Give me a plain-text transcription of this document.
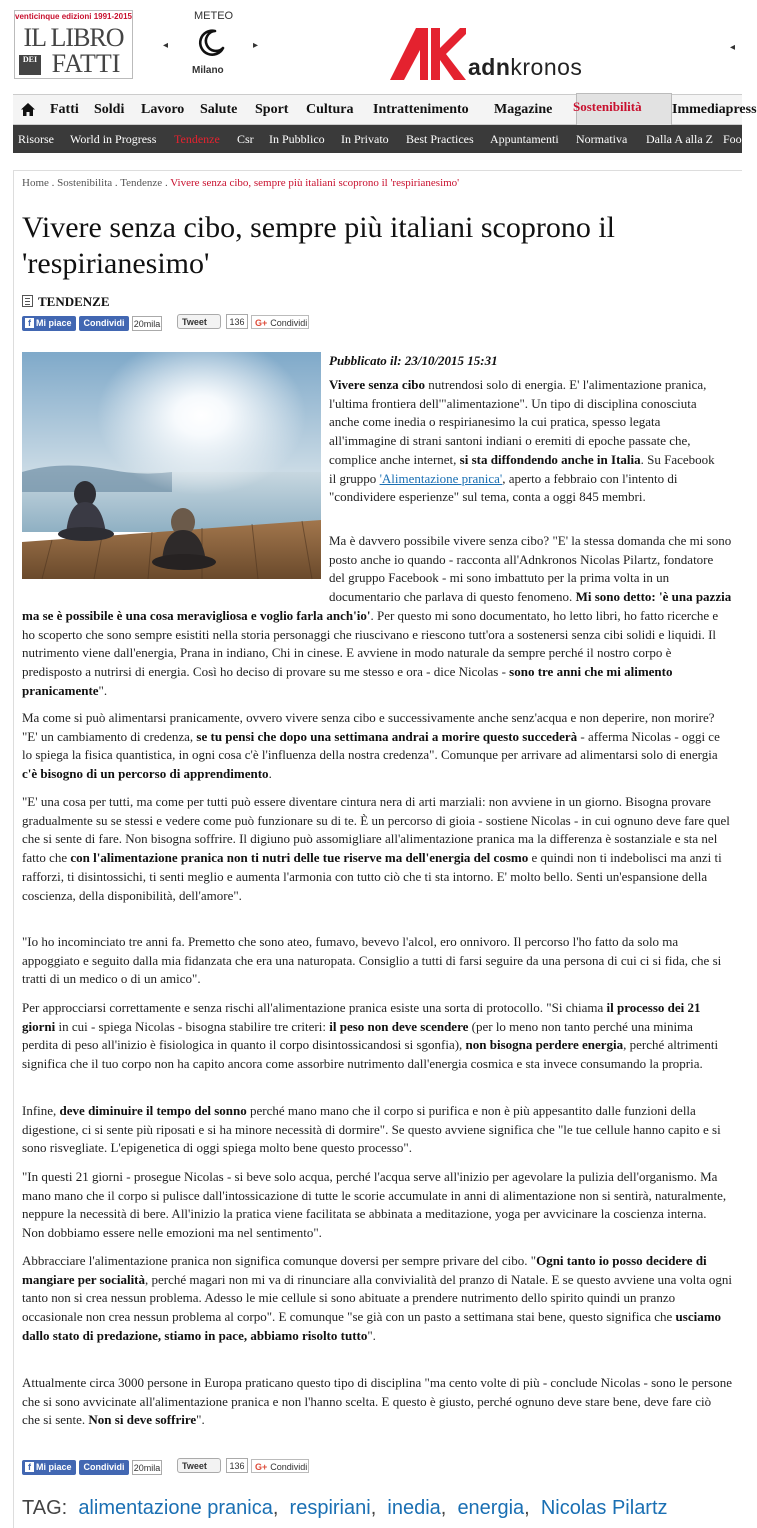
venticinque edizioni 1991-2015
IL LIBRO
DEI FATTI
METEO
◂	▸
Milano	adnkronos
◂
Fatti Soldi Lavoro Salute Sport Cultura Intrattenimento Magazine Sostenibilità Immediapress
Risorse World in Progress Tendenze Csr In Pubblico In Privato Best Practices Appuntamenti Normativa Dalla A alla Z Food
Home . Sostenibilita . Tendenze . Vivere senza cibo, sempre più italiani scoprono il 'respirianesimo'
Vivere senza cibo, sempre più italiani scoprono il 'respirianesimo'
TENDENZE
f Mi piace	Condividi	20mila	Tweet	136	G+ Condividi
Pubblicato il: 23/10/2015 15:31
Vivere senza cibo nutrendosi solo di energia. E' l'alimentazione pranica, l'ultima frontiera dell'"alimentazione". Un tipo di disciplina conosciuta anche come inedia o respirianesimo la cui pratica, spesso legata all'immagine di strani santoni indiani o eremiti di epoche passate che, complice anche internet, si sta diffondendo anche in Italia. Su Facebook il gruppo 'Alimentazione pranica', aperto a febbraio con l'intento di "condividere esperienze" sul tema, conta a oggi 845 membri.
Ma è davvero possibile vivere senza cibo? "E' la stessa domanda che mi sono posto anche io quando - racconta all'Adnkronos Nicolas Pilartz, fondatore del gruppo Facebook - mi sono imbattuto per la prima volta in un documentario che parlava di questo fenomeno. Mi sono detto: 'è una pazzia ma se è possibile è una cosa meravigliosa e voglio farla anch'io'. Per questo mi sono documentato, ho letto libri, ho fatto ricerche e ho scoperto che sono sempre esistiti nella storia personaggi che riuscivano e riescono tutt'ora a sostenersi senza cibi solidi e liquidi. Il nutrimento viene dall'energia, Prana in indiano, Chi in cinese. E avviene in modo naturale da sempre perché il nostro corpo è predisposto a nutrirsi di energia. Così ho deciso di provare su me stesso e ora - dice Nicolas - sono tre anni che mi alimento pranicamente".
Ma come si può alimentarsi pranicamente, ovvero vivere senza cibo e successivamente anche senz'acqua e non deperire, non morire? "E' un cambiamento di credenza, se tu pensi che dopo una settimana andrai a morire questo succederà - afferma Nicolas - oggi ce lo spiega la fisica quantistica, in ogni cosa c'è l'influenza della nostra credenza". Comunque per arrivare ad alimentarsi solo di energia c'è bisogno di un percorso di apprendimento.
"E' una cosa per tutti, ma come per tutti può essere diventare cintura nera di arti marziali: non avviene in un giorno. Bisogna provare gradualmente su se stessi e vedere come può funzionare su di te. È un percorso di gioia - sostiene Nicolas - in cui ognuno deve fare quel che si sente di fare. Non bisogna soffrire. Il digiuno può assomigliare all'alimentazione pranica ma la differenza è sostanziale e sta nel fatto che con l'alimentazione pranica non ti nutri delle tue riserve ma dell'energia del cosmo e quindi non ti indebolisci ma anzi ti rafforzi, ti disintossichi, ti senti meglio e aumenta l'armonia con tutto ciò che ti sta intorno. E' molto bello. Senti un'espansione della coscienza, della disponibilità, dell'amore".
"Io ho incominciato tre anni fa. Premetto che sono ateo, fumavo, bevevo l'alcol, ero onnivoro. Il percorso l'ho fatto da solo ma appoggiato e seguito dalla mia fidanzata che era una naturopata. Consiglio a tutti di farsi seguire da una persona di cui ci si fida, che si tratti di un medico o di un amico".
Per approcciarsi correttamente e senza rischi all'alimentazione pranica esiste una sorta di protocollo. "Si chiama il processo dei 21 giorni in cui - spiega Nicolas - bisogna stabilire tre criteri: il peso non deve scendere (per lo meno non tanto perché una minima perdita di peso all'inizio è fisiologica in quanto il corpo disintossicandosi si sgonfia), non bisogna perdere energia, perché altrimenti significa che il tuo corpo non ha capito ancora come assorbire nutrimento dall'energia cosmica e sta invece consumando la propria.
Infine, deve diminuire il tempo del sonno perché mano mano che il corpo si purifica e non è più appesantito dalle funzioni della digestione, ci si sente più riposati e si ha minore necessità di dormire". Se questo avviene significa che "le tue cellule hanno capito e si sono risvegliate. L'epigenetica di oggi spiega molto bene questo processo".
"In questi 21 giorni - prosegue Nicolas - si beve solo acqua, perché l'acqua serve all'inizio per agevolare la pulizia dell'organismo. Ma mano mano che il corpo si pulisce dall'intossicazione di tutte le scorie accumulate in anni di alimentazione non si sentirà, naturalmente, neppure la necessità di bere. All'inizio la pratica viene facilitata se abbinata a meditazione, yoga per avvicinare la coscienza interna. Non dobbiamo essere nelle emozioni ma nel sentimento".
Abbracciare l'alimentazione pranica non significa comunque doversi per sempre privare del cibo. "Ogni tanto io posso decidere di mangiare per socialità, perché magari non mi va di rinunciare alla convivialità del pranzo di Natale. E se questo avviene una volta ogni tanto non si crea nessun problema. Adesso le mie cellule si sono abituate a prendere nutrimento dello spirito quindi un pranzo occasionale non crea nessun problema al corpo". E comunque "se già con un pasto a settimana stai bene, questo significa che usciamo dallo stato di predazione, stiamo in pace, abbiamo risolto tutto".
Attualmente circa 3000 persone in Europa praticano questo tipo di disciplina "ma cento volte di più - conclude Nicolas - sono le persone che si sono avvicinate all'alimentazione pranica e non l'hanno scelta. E questo è giusto, perché ognuno deve stare bene, deve fare ciò che si sente. Non si deve soffrire".
f Mi piace	Condividi	20mila	Tweet	136	G+ Condividi
TAG: alimentazione pranica,  respiriani,  inedia,  energia,  Nicolas Pilartz
